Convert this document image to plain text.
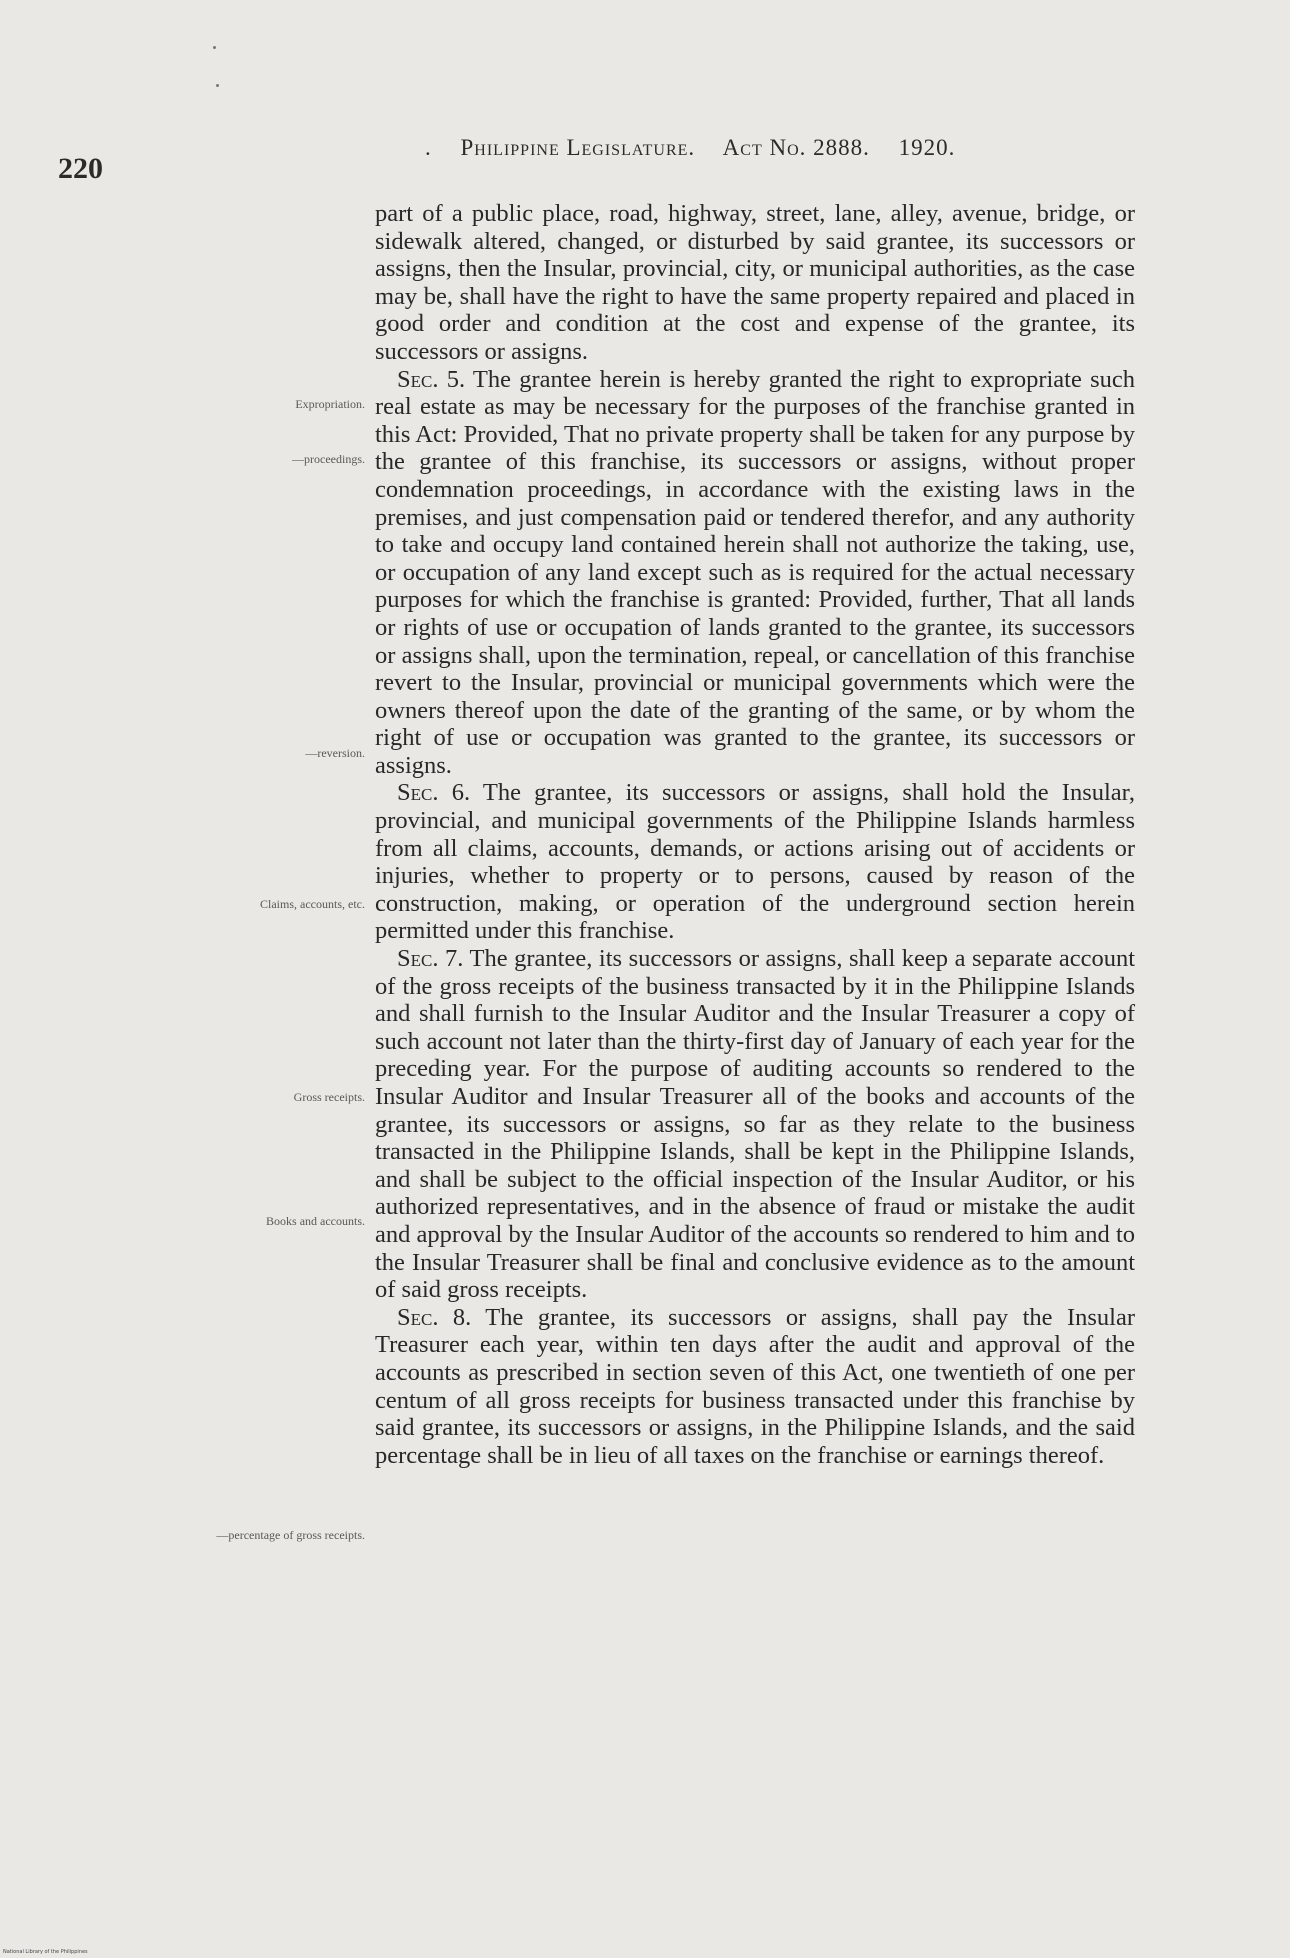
220
. Philippine Legislature. Act No. 2888. 1920.
Expropriation.
—proceedings.
—reversion.
Claims, accounts, etc.
Gross receipts.
Books and accounts.
—percentage of gross receipts.

part of a public place, road, highway, street, lane, alley, avenue, bridge, or sidewalk altered, changed, or disturbed by said grantee, its successors or assigns, then the Insular, provincial, city, or municipal authorities, as the case may be, shall have the right to have the same property repaired and placed in good order and condition at the cost and expense of the grantee, its successors or assigns.

Sec. 5. The grantee herein is hereby granted the right to expropriate such real estate as may be necessary for the purposes of the franchise granted in this Act: Provided, That no private property shall be taken for any purpose by the grantee of this franchise, its successors or assigns, without proper condemnation proceedings, in accordance with the existing laws in the premises, and just compensation paid or tendered therefor, and any authority to take and occupy land contained herein shall not authorize the taking, use, or occupation of any land except such as is required for the actual necessary purposes for which the franchise is granted: Provided, further, That all lands or rights of use or occupation of lands granted to the grantee, its successors or assigns shall, upon the termination, repeal, or cancellation of this franchise revert to the Insular, provincial or municipal governments which were the owners thereof upon the date of the granting of the same, or by whom the right of use or occupation was granted to the grantee, its successors or assigns.

Sec. 6. The grantee, its successors or assigns, shall hold the Insular, provincial, and municipal governments of the Philippine Islands harmless from all claims, accounts, demands, or actions arising out of accidents or injuries, whether to property or to persons, caused by reason of the construction, making, or operation of the underground section herein permitted under this franchise.

Sec. 7. The grantee, its successors or assigns, shall keep a separate account of the gross receipts of the business transacted by it in the Philippine Islands and shall furnish to the Insular Auditor and the Insular Treasurer a copy of such account not later than the thirty-first day of January of each year for the preceding year. For the purpose of auditing accounts so rendered to the Insular Auditor and Insular Treasurer all of the books and accounts of the grantee, its successors or assigns, so far as they relate to the business transacted in the Philippine Islands, shall be kept in the Philippine Islands, and shall be subject to the official inspection of the Insular Auditor, or his authorized representatives, and in the absence of fraud or mistake the audit and approval by the Insular Auditor of the accounts so rendered to him and to the Insular Treasurer shall be final and conclusive evidence as to the amount of said gross receipts.

Sec. 8. The grantee, its successors or assigns, shall pay the Insular Treasurer each year, within ten days after the audit and approval of the accounts as prescribed in section seven of this Act, one twentieth of one per centum of all gross receipts for business transacted under this franchise by said grantee, its successors or assigns, in the Philippine Islands, and the said percentage shall be in lieu of all taxes on the franchise or earnings thereof.

National Library of the Philippines
